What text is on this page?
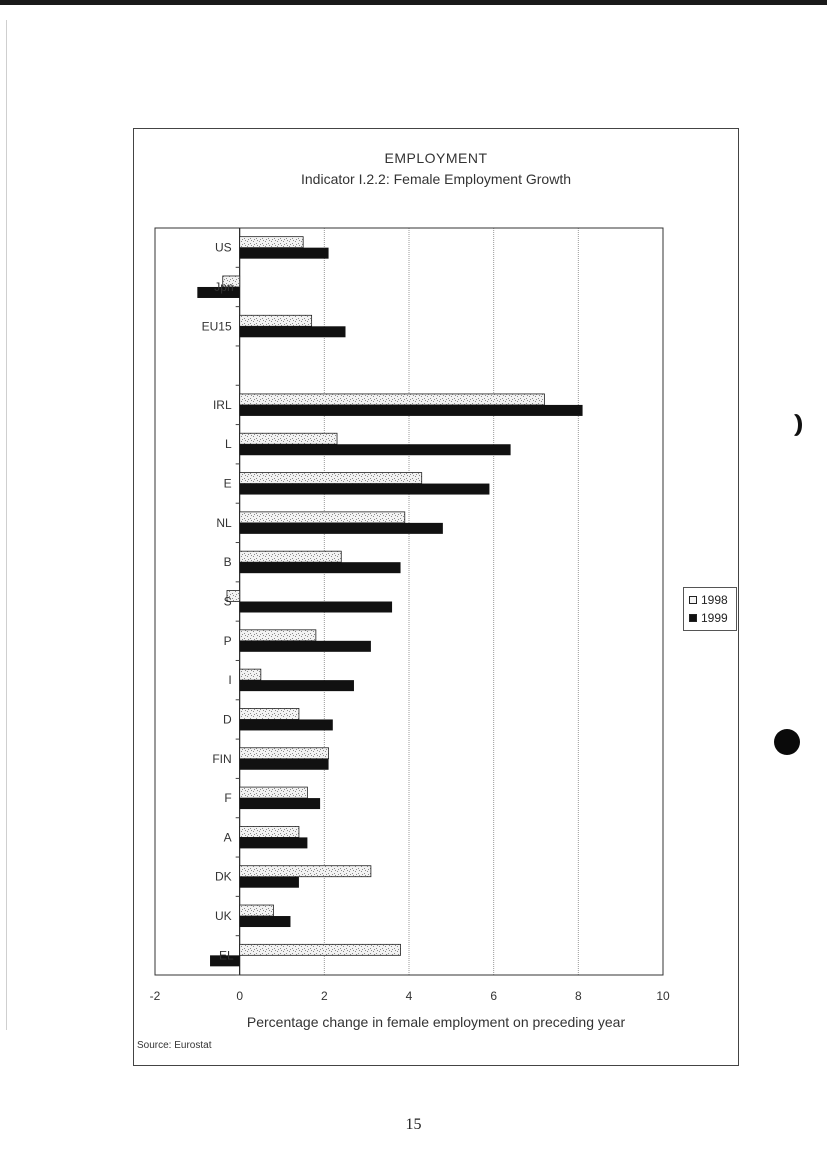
EMPLOYMENT
Indicator I.2.2: Female Employment Growth
-2	0	2	4	6	8	10
US
Jpn
EU15
IRL
L
E
NL
B
S
P
I
D
FIN
F
A
DK
UK
EL
1998
1999
Percentage change in female employment on preceding year
Source: Eurostat
15
